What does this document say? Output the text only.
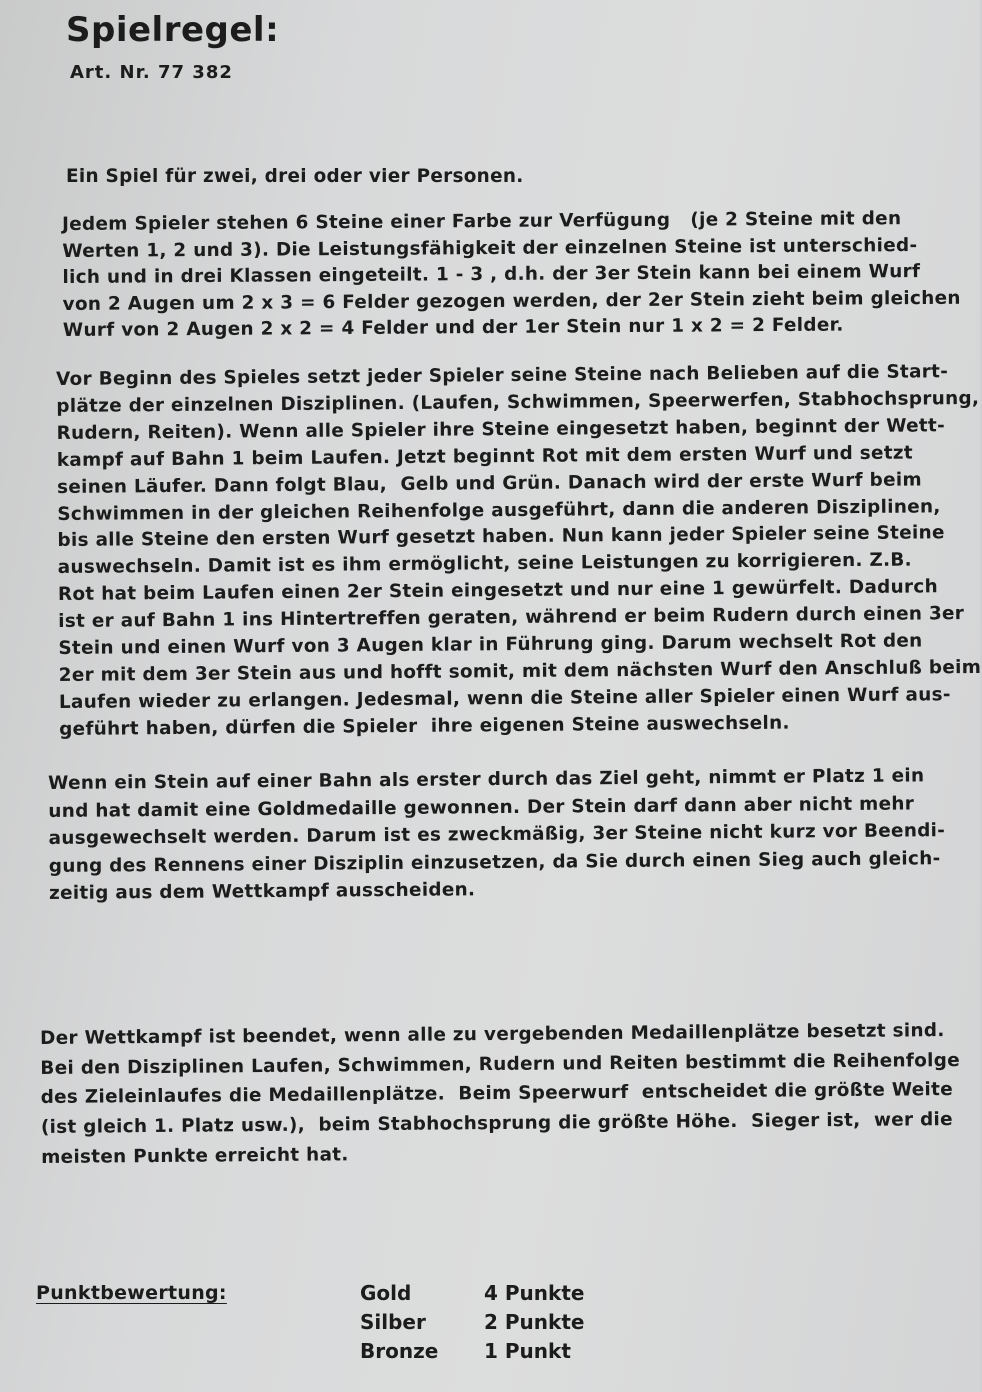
Spielregel:
Art. Nr. 77 382

Ein Spiel für zwei, drei oder vier Personen.

Jedem Spieler stehen 6 Steine einer Farbe zur Verfügung   (je 2 Steine mit den
Werten 1, 2 und 3). Die Leistungsfähigkeit der einzelnen Steine ist unterschied-
lich und in drei Klassen eingeteilt. 1 - 3 , d.h. der 3er Stein kann bei einem Wurf
von 2 Augen um 2 x 3 = 6 Felder gezogen werden, der 2er Stein zieht beim gleichen
Wurf von 2 Augen 2 x 2 = 4 Felder und der 1er Stein nur 1 x 2 = 2 Felder.

Vor Beginn des Spieles setzt jeder Spieler seine Steine nach Belieben auf die Start-
plätze der einzelnen Disziplinen. (Laufen, Schwimmen, Speerwerfen, Stabhochsprung,
Rudern, Reiten). Wenn alle Spieler ihre Steine eingesetzt haben, beginnt der Wett-
kampf auf Bahn 1 beim Laufen. Jetzt beginnt Rot mit dem ersten Wurf und setzt
seinen Läufer. Dann folgt Blau,  Gelb und Grün. Danach wird der erste Wurf beim
Schwimmen in der gleichen Reihenfolge ausgeführt, dann die anderen Disziplinen,
bis alle Steine den ersten Wurf gesetzt haben. Nun kann jeder Spieler seine Steine
auswechseln. Damit ist es ihm ermöglicht, seine Leistungen zu korrigieren. Z.B.
Rot hat beim Laufen einen 2er Stein eingesetzt und nur eine 1 gewürfelt. Dadurch
ist er auf Bahn 1 ins Hintertreffen geraten, während er beim Rudern durch einen 3er
Stein und einen Wurf von 3 Augen klar in Führung ging. Darum wechselt Rot den
2er mit dem 3er Stein aus und hofft somit, mit dem nächsten Wurf den Anschluß beim
Laufen wieder zu erlangen. Jedesmal, wenn die Steine aller Spieler einen Wurf aus-
geführt haben, dürfen die Spieler  ihre eigenen Steine auswechseln.

Wenn ein Stein auf einer Bahn als erster durch das Ziel geht, nimmt er Platz 1 ein
und hat damit eine Goldmedaille gewonnen. Der Stein darf dann aber nicht mehr
ausgewechselt werden. Darum ist es zweckmäßig, 3er Steine nicht kurz vor Beendi-
gung des Rennens einer Disziplin einzusetzen, da Sie durch einen Sieg auch gleich-
zeitig aus dem Wettkampf ausscheiden.

Der Wettkampf ist beendet, wenn alle zu vergebenden Medaillenplätze besetzt sind.
Bei den Disziplinen Laufen, Schwimmen, Rudern und Reiten bestimmt die Reihenfolge
des Zieleinlaufes die Medaillenplätze.  Beim Speerwurf  entscheidet die größte Weite
(ist gleich 1. Platz usw.),  beim Stabhochsprung die größte Höhe.  Sieger ist,  wer die
meisten Punkte erreicht hat.

Punktbewertung:	Gold	4 Punkte
Silber	2 Punkte
Bronze	1 Punkt
